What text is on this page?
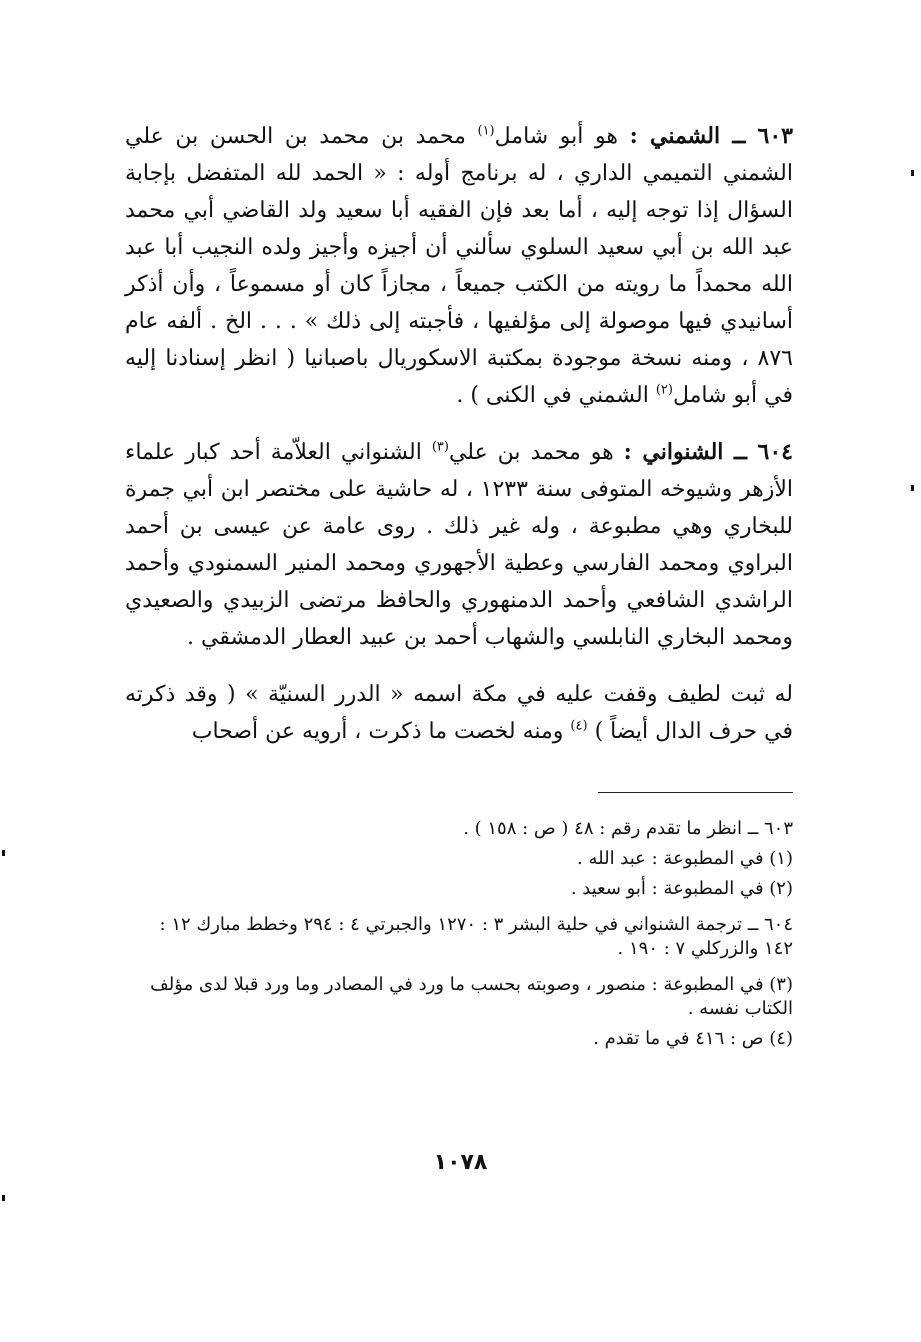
٦٠٣ ــ الشمني : هو أبو شامل$^{(١)}$ محمد بن محمد بن الحسن بن علي الشمني التميمي الداري ، له برنامج أوله : « الحمد لله المتفضل بإجابة السؤال إذا توجه إليه ، أما بعد فإن الفقيه أبا سعيد ولد القاضي أبي محمد عبد الله بن أبي سعيد السلوي سألني أن أجيزه وأجيز ولده النجيب أبا عبد الله محمداً ما رويته من الكتب جميعاً ، مجازاً كان أو مسموعاً ، وأن أذكر أسانيدي فيها موصولة إلى مؤلفيها ، فأجبته إلى ذلك » . . . الخ . ألفه عام ٨٧٦ ، ومنه نسخة موجودة بمكتبة الاسكوريال باصبانيا ( انظر إسنادنا إليه في أبو شامل$^{(٢)}$ الشمني في الكنى ) .

٦٠٤ ــ الشنواني : هو محمد بن علي$^{(٣)}$ الشنواني العلاّمة أحد كبار علماء الأزهر وشيوخه المتوفى سنة ١٢٣٣ ، له حاشية على مختصر ابن أبي جمرة للبخاري وهي مطبوعة ، وله غير ذلك . روى عامة عن عيسى بن أحمد البراوي ومحمد الفارسي وعطية الأجهوري ومحمد المنير السمنودي وأحمد الراشدي الشافعي وأحمد الدمنهوري والحافظ مرتضى الزبيدي والصعيدي ومحمد البخاري النابلسي والشهاب أحمد بن عبيد العطار الدمشقي .

له ثبت لطيف وقفت عليه في مكة اسمه « الدرر السنيّة » ( وقد ذكرته في حرف الدال أيضاً ) $^{(٤)}$ ومنه لخصت ما ذكرت ، أرويه عن أصحاب

٦٠٣ ــ انظر ما تقدم رقم : ٤٨ ( ص : ١٥٨ ) .

(١) في المطبوعة : عبد الله .

(٢) في المطبوعة : أبو سعيد .

٦٠٤ ــ ترجمة الشنواني في حلية البشر ٣ : ١٢٧٠ والجبرتي ٤ : ٢٩٤ وخطط مبارك ١٢ : ١٤٢ والزركلي ٧ : ١٩٠ .

(٣) في المطبوعة : منصور ، وصوبته بحسب ما ورد في المصادر وما ورد قبلا لدى مؤلف الكتاب نفسه .

(٤) ص : ٤١٦ في ما تقدم .

١٠٧٨
